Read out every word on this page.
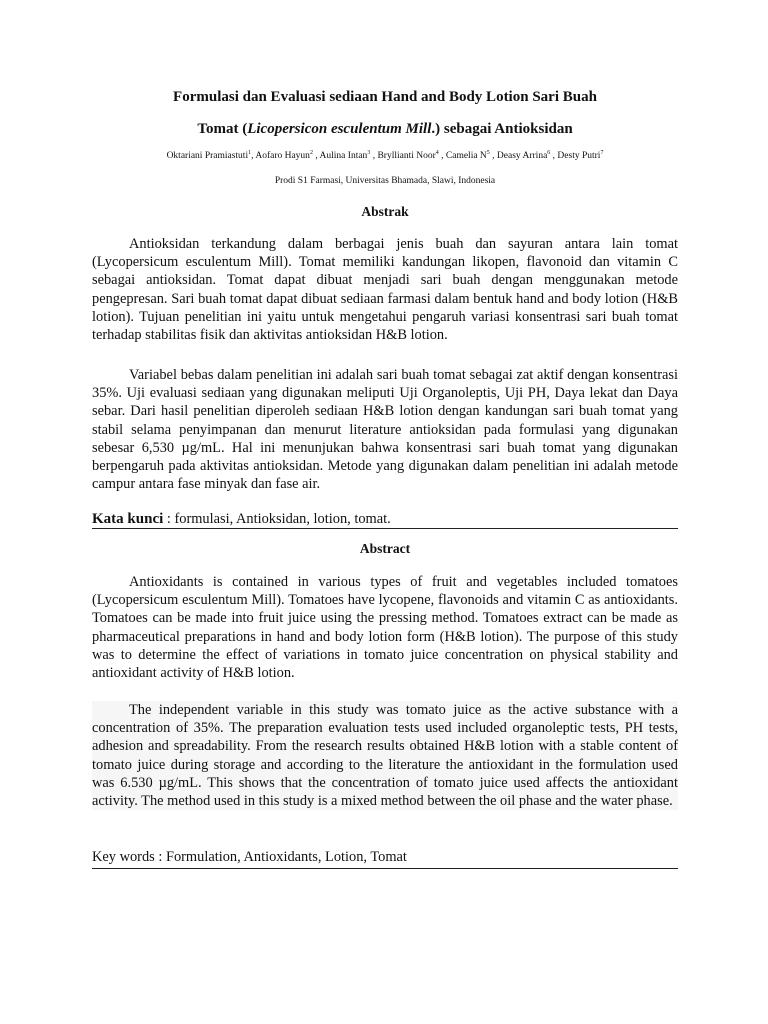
Formulasi dan Evaluasi sediaan Hand and Body Lotion Sari Buah
Tomat (Licopersicon esculentum Mill.) sebagai Antioksidan
Oktariani Pramiastuti$^1$, Aofaro Hayun$^2$ , Aulina Intan$^3$ , Bryllianti Noor$^4$ , Camelia $N^5$ , Deasy Arrina$^6$ , Desty Putri$^7$
Prodi S1 Farmasi, Universitas Bhamada, Slawi, Indonesia
Abstrak

Antioksidan terkandung dalam berbagai jenis buah dan sayuran antara lain tomat (Lycopersicum esculentum Mill). Tomat memiliki kandungan likopen, flavonoid dan vitamin C sebagai antioksidan. Tomat dapat dibuat menjadi sari buah dengan menggunakan metode pengepresan. Sari buah tomat dapat dibuat sediaan farmasi dalam bentuk hand and body lotion (H&B lotion). Tujuan penelitian ini yaitu untuk mengetahui pengaruh variasi konsentrasi sari buah tomat terhadap stabilitas fisik dan aktivitas antioksidan H&B lotion.

Variabel bebas dalam penelitian ini adalah sari buah tomat sebagai zat aktif dengan konsentrasi 35%. Uji evaluasi sediaan yang digunakan meliputi Uji Organoleptis, Uji PH, Daya lekat dan Daya sebar. Dari hasil penelitian diperoleh sediaan H&B lotion dengan kandungan sari buah tomat yang stabil selama penyimpanan dan menurut literature antioksidan pada formulasi yang digunakan sebesar 6,530 µg/mL. Hal ini menunjukan bahwa konsentrasi sari buah tomat yang digunakan berpengaruh pada aktivitas antioksidan. Metode yang digunakan dalam penelitian ini adalah metode campur antara fase minyak dan fase air.

Kata kunci : formulasi, Antioksidan, lotion, tomat.

Abstract

Antioxidants is contained in various types of fruit and vegetables included tomatoes (Lycopersicum esculentum Mill). Tomatoes have lycopene, flavonoids and vitamin C as antioxidants. Tomatoes can be made into fruit juice using the pressing method. Tomatoes extract can be made as pharmaceutical preparations in hand and body lotion form (H&B lotion). The purpose of this study was to determine the effect of variations in tomato juice concentration on physical stability and antioxidant activity of H&B lotion.

The independent variable in this study was tomato juice as the active substance with a concentration of 35%. The preparation evaluation tests used included organoleptic tests, PH tests, adhesion and spreadability. From the research results obtained H&B lotion with a stable content of tomato juice during storage and according to the literature the antioxidant in the formulation used was 6.530 µg/mL. This shows that the concentration of tomato juice used affects the antioxidant activity. The method used in this study is a mixed method between the oil phase and the water phase.

Key words : Formulation, Antioxidants, Lotion, Tomat
